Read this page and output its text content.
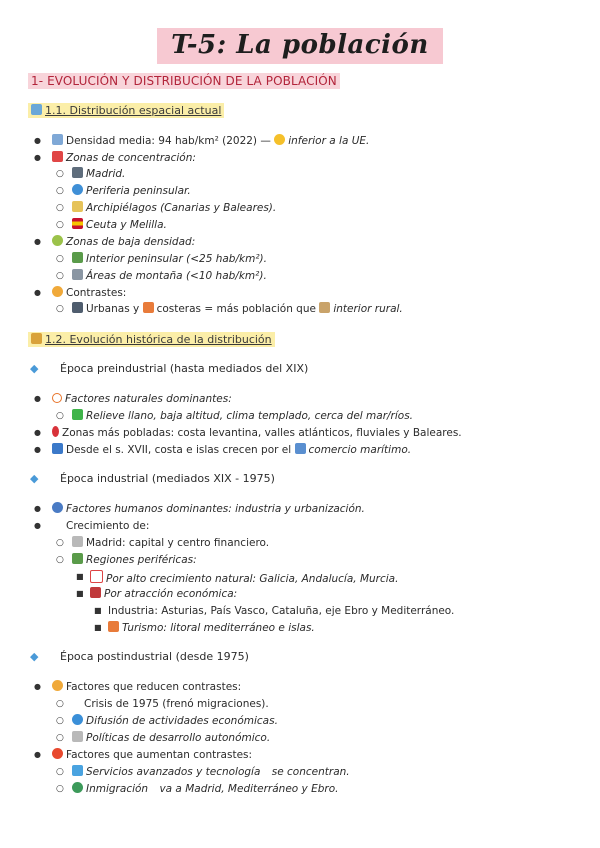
T-5: La población
1- EVOLUCIÓN Y DISTRIBUCIÓN DE LA POBLACIÓN
1.1. Distribución espacial actual
●
Densidad media: 94 hab/km² (2022) — inferior a la UE.
●
Zonas de concentración:
○
Madrid.
○
Periferia peninsular.
○
Archipiélagos (Canarias y Baleares).
○
Ceuta y Melilla.
●
Zonas de baja densidad:
○
Interior peninsular (<25 hab/km²).
○
Áreas de montaña (<10 hab/km²).
●
Contrastes:
○
Urbanas y costeras = más población que interior rural.
1.2. Evolución histórica de la distribución
◆ Época preindustrial (hasta mediados del XIX)
●
Factores naturales dominantes:
○
Relieve llano, baja altitud, clima templado, cerca del mar/ríos.
●
Zonas más pobladas: costa levantina, valles atlánticos, fluviales y Baleares.
●
Desde el s. XVII, costa e islas crecen por el comercio marítimo.
◆ Época industrial (mediados XIX - 1975)
●
Factores humanos dominantes: industria y urbanización.
●
Crecimiento de:
○
Madrid: capital y centro financiero.
○
Regiones periféricas:
■
Por alto crecimiento natural: Galicia, Andalucía, Murcia.
■
Por atracción económica:
■
Industria: Asturias, País Vasco, Cataluña, eje Ebro y Mediterráneo.
■
Turismo: litoral mediterráneo e islas.
◆ Época postindustrial (desde 1975)
●
Factores que reducen contrastes:
○
Crisis de 1975 (frenó migraciones).
○
Difusión de actividades económicas.
○
Políticas de desarrollo autonómico.
●
Factores que aumentan contrastes:
○
Servicios avanzados y tecnología se concentran.
○
Inmigración va a Madrid, Mediterráneo y Ebro.
